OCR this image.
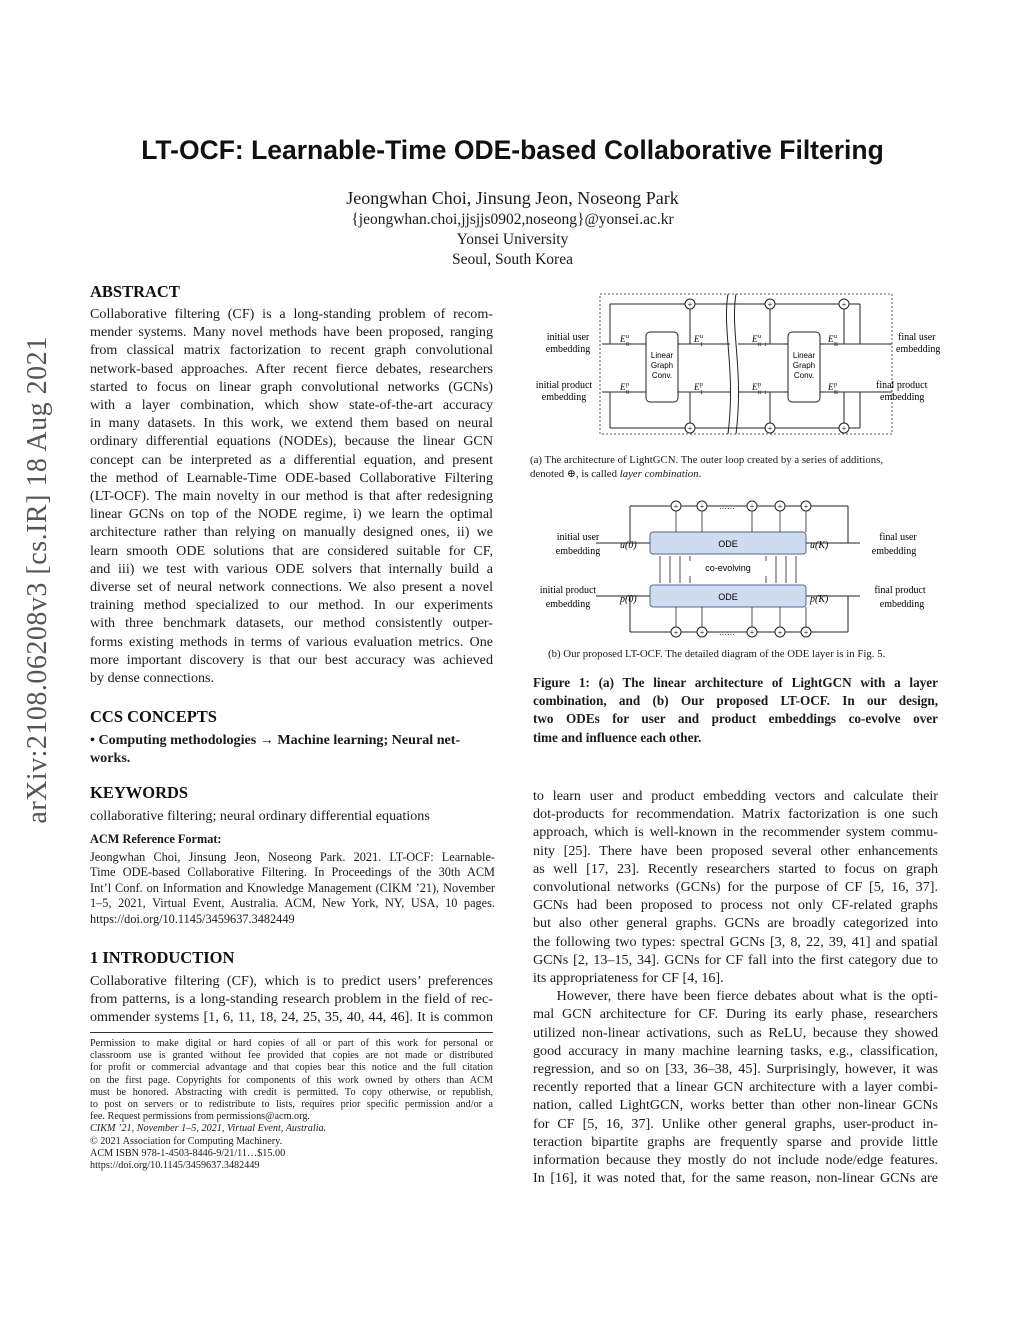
arXiv:2108.06208v3 [cs.IR] 18 Aug 2021
LT-OCF: Learnable-Time ODE-based Collaborative Filtering
Jeongwhan Choi, Jinsung Jeon, Noseong Park
{jeongwhan.choi,jjsjjs0902,noseong}@yonsei.ac.kr
Yonsei University
Seoul, South Korea
ABSTRACT
Collaborative filtering (CF) is a long-standing problem of recom-
mender systems. Many novel methods have been proposed, ranging
from classical matrix factorization to recent graph convolutional
network-based approaches. After recent fierce debates, researchers
started to focus on linear graph convolutional networks (GCNs)
with a layer combination, which show state-of-the-art accuracy
in many datasets. In this work, we extend them based on neural
ordinary differential equations (NODEs), because the linear GCN
concept can be interpreted as a differential equation, and present
the method of Learnable-Time ODE-based Collaborative Filtering
(LT-OCF). The main novelty in our method is that after redesigning
linear GCNs on top of the NODE regime, i) we learn the optimal
architecture rather than relying on manually designed ones, ii) we
learn smooth ODE solutions that are considered suitable for CF,
and iii) we test with various ODE solvers that internally build a
diverse set of neural network connections. We also present a novel
training method specialized to our method. In our experiments
with three benchmark datasets, our method consistently outper-
forms existing methods in terms of various evaluation metrics. One
more important discovery is that our best accuracy was achieved
by dense connections.
CCS CONCEPTS
• Computing methodologies → Machine learning; Neural net-
works.
KEYWORDS
collaborative filtering; neural ordinary differential equations
ACM Reference Format:
Jeongwhan Choi, Jinsung Jeon, Noseong Park. 2021. LT-OCF: Learnable-
Time ODE-based Collaborative Filtering. In Proceedings of the 30th ACM
Int’l Conf. on Information and Knowledge Management (CIKM ’21), November
1–5, 2021, Virtual Event, Australia. ACM, New York, NY, USA, 10 pages.
https://doi.org/10.1145/3459637.3482449
1 INTRODUCTION
Collaborative filtering (CF), which is to predict users’ preferences
from patterns, is a long-standing research problem in the field of rec-
ommender systems [1, 6, 11, 18, 24, 25, 35, 40, 44, 46]. It is common
Permission to make digital or hard copies of all or part of this work for personal or
classroom use is granted without fee provided that copies are not made or distributed
for profit or commercial advantage and that copies bear this notice and the full citation
on the first page. Copyrights for components of this work owned by others than ACM
must be honored. Abstracting with credit is permitted. To copy otherwise, or republish,
to post on servers or to redistribute to lists, requires prior specific permission and/or a
fee. Request permissions from permissions@acm.org.
CIKM ’21, November 1–5, 2021, Virtual Event, Australia.
© 2021 Association for Computing Machinery.
ACM ISBN 978-1-4503-8446-9/21/11…$15.00
https://doi.org/10.1145/3459637.3482449
initial user
embedding
initial product
embedding
final user
embedding
final product
embedding
Linear
Graph
Conv.
E u
0
E p
0
E u
1
E p
1
E u
K−1
E p
K−1
Linear
Graph
Conv.
E u
K
E p
K
+	+	+
+	+	+
(a) The architecture of LightGCN. The outer loop created by a series of additions,
denoted ⊕, is called layer combination.
initial user
embedding
initial product
embedding
final user
embedding
final product
embedding
u(0)
p(0)
u(K)
p(K)
ODE
ODE
co-evolving
+	+	+	+	+
……
+	+	+	+	+
……
(b) Our proposed LT-OCF. The detailed diagram of the ODE layer is in Fig. 5.
Figure 1: (a) The linear architecture of LightGCN with a layer
combination, and (b) Our proposed LT-OCF. In our design,
two ODEs for user and product embeddings co-evolve over
time and influence each other.
to learn user and product embedding vectors and calculate their
dot-products for recommendation. Matrix factorization is one such
approach, which is well-known in the recommender system commu-
nity [25]. There have been proposed several other enhancements
as well [17, 23]. Recently researchers started to focus on graph
convolutional networks (GCNs) for the purpose of CF [5, 16, 37].
GCNs had been proposed to process not only CF-related graphs
but also other general graphs. GCNs are broadly categorized into
the following two types: spectral GCNs [3, 8, 22, 39, 41] and spatial
GCNs [2, 13–15, 34]. GCNs for CF fall into the first category due to
its appropriateness for CF [4, 16].
However, there have been fierce debates about what is the opti-
mal GCN architecture for CF. During its early phase, researchers
utilized non-linear activations, such as ReLU, because they showed
good accuracy in many machine learning tasks, e.g., classification,
regression, and so on [33, 36–38, 45]. Surprisingly, however, it was
recently reported that a linear GCN architecture with a layer combi-
nation, called LightGCN, works better than other non-linear GCNs
for CF [5, 16, 37]. Unlike other general graphs, user-product in-
teraction bipartite graphs are frequently sparse and provide little
information because they mostly do not include node/edge features.
In [16], it was noted that, for the same reason, non-linear GCNs are
